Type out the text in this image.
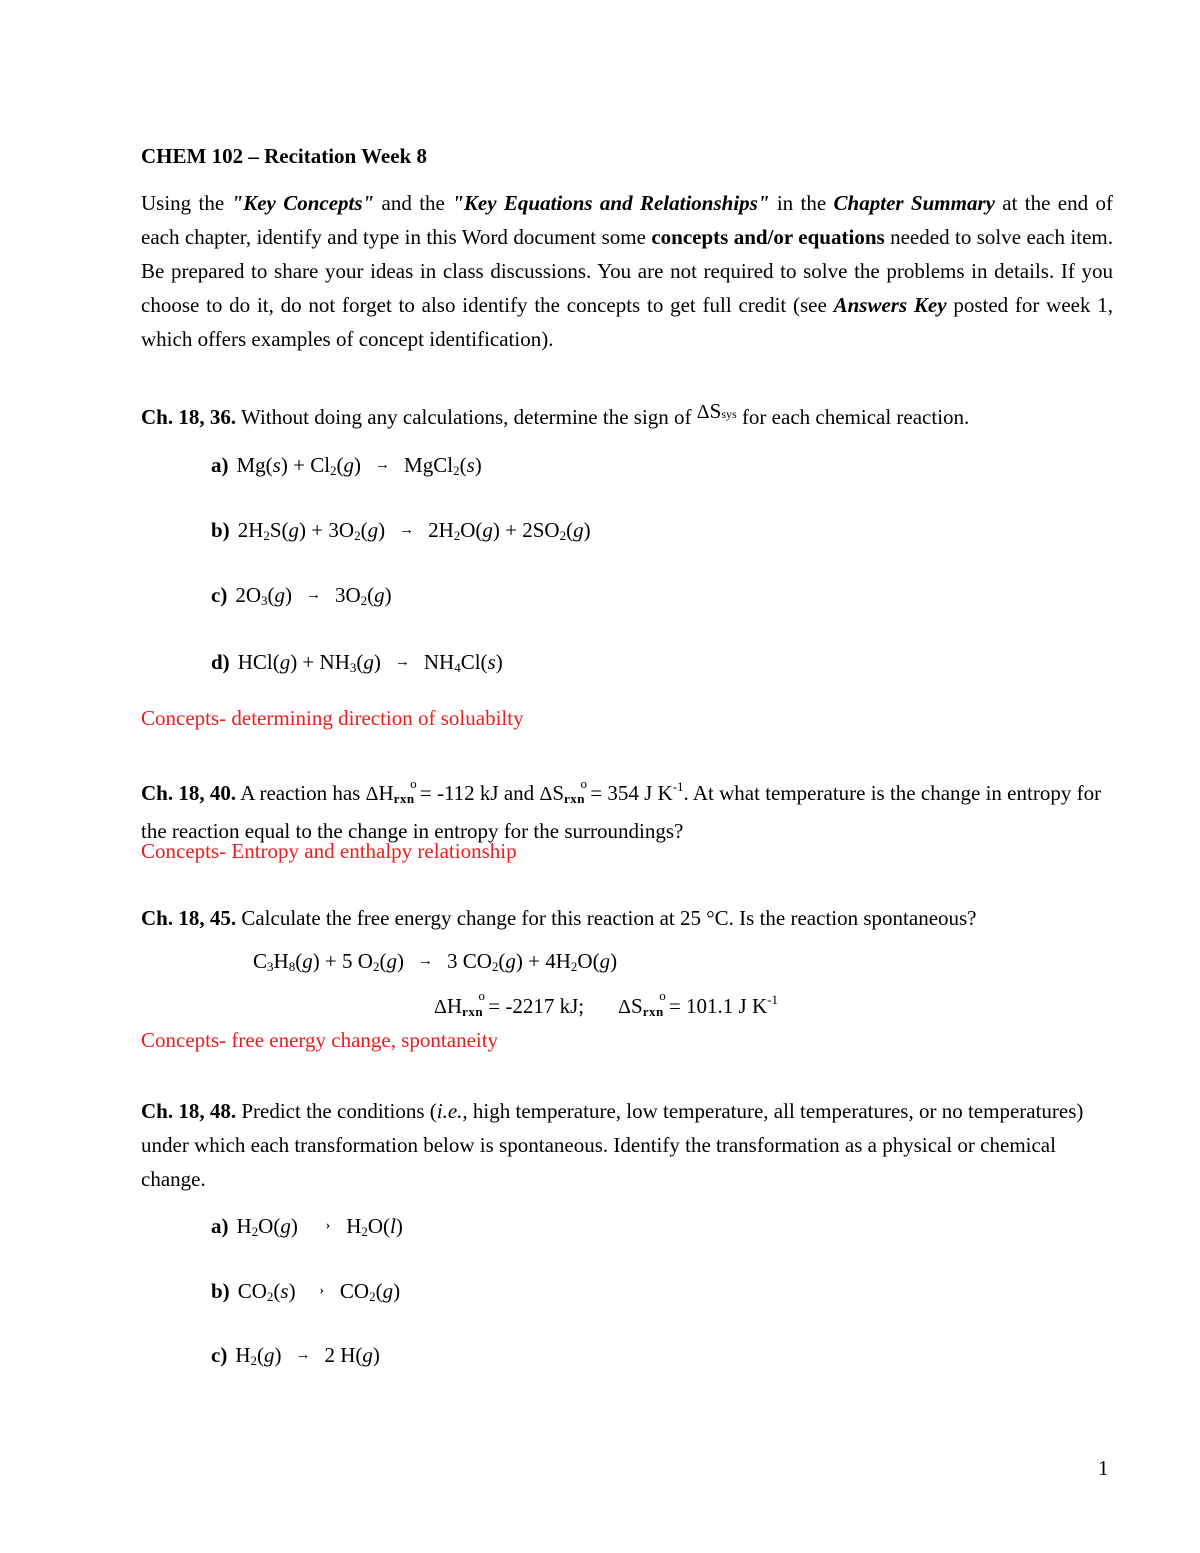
CHEM 102 – Recitation Week 8
Using the "Key Concepts" and the "Key Equations and Relationships" in the Chapter Summary at the end of each chapter, identify and type in this Word document some concepts and/or equations needed to solve each item. Be prepared to share your ideas in class discussions. You are not required to solve the problems in details. If you choose to do it, do not forget to also identify the concepts to get full credit (see Answers Key posted for week 1, which offers examples of concept identification).
Ch. 18, 36. Without doing any calculations, determine the sign of ΔSsys for each chemical reaction.
a) $Mg(s) + Cl_2(g)$ → MgCl$_2$(s)
b) $2H_2S(g) + 3O_2(g) \to 2H_2O(g) + 2SO_2(g)$
c) $2O_3(g) \to 3O_2(g)$
d) $HCl(g) + NH_3(g) \to NH_4Cl(s)$
Concepts- determining direction of soluabilty
Ch. 18, 40. A reaction has ΔH o
rxn = -112 kJ and ΔS o
rxn = 354 J $K^{-1}$. At what temperature is the change in entropy for the reaction equal to the change in entropy for the surroundings?
Concepts- Entropy and enthalpy relationship
Ch. 18, 45. Calculate the free energy change for this reaction at 25 °C. Is the reaction spontaneous?
$C_3H_8(g) + 5$ $O_2(g) \to 3$ $CO_2(g) + 4H_2O(g)$
ΔH o
rxn = -2217 kJ; ΔS o
rxn = 101.1 J $K^{-1}$
Concepts- free energy change, spontaneity
Ch. 18, 48. Predict the conditions (i.e., high temperature, low temperature, all temperatures, or no temperatures) under which each transformation below is spontaneous. Identify the transformation as a physical or chemical change.
a) $H_2O(g)$ › $H_2O(l)$
b) $CO_2(s)$ › $CO_2(g)$
c) $H_2(g) \to 2$ H(g)
1
